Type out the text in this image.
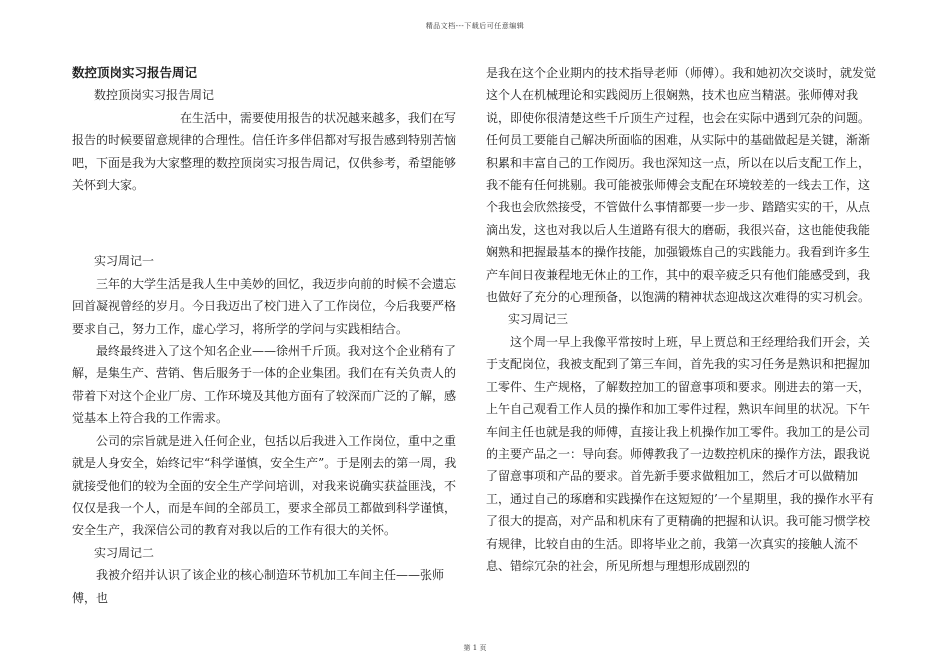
精品文档---下载后可任意编辑

数控顶岗实习报告周记

数控顶岗实习报告周记

在生活中，需要使用报告的状况越来越多，我们在写报告的时候要留意规律的合理性。信任许多伴侣都对写报告感到特别苦恼吧，下面是我为大家整理的数控顶岗实习报告周记，仅供参考，希望能够关怀到大家。

实习周记一

三年的大学生活是我人生中美妙的回忆，我迈步向前的时候不会遗忘回首凝视曾经的岁月。今日我迈出了校门进入了工作岗位，今后我要严格要求自己，努力工作，虚心学习，将所学的学问与实践相结合。

最终最终进入了这个知名企业——徐州千斤顶。我对这个企业稍有了解，是集生产、营销、售后服务于一体的企业集团。我们在有关负责人的带着下对这个企业厂房、工作环境及其他方面有了较深而广泛的了解，感觉基本上符合我的工作需求。

公司的宗旨就是进入任何企业，包括以后我进入工作岗位，重中之重就是人身安全，始终记牢“科学谨慎，安全生产”。于是刚去的第一周，我就接受他们的较为全面的安全生产学问培训，对我来说确实获益匪浅，不仅仅是我一个人，而是车间的全部员工，要求全部员工都做到科学谨慎，安全生产，我深信公司的教育对我以后的工作有很大的关怀。

实习周记二

我被介绍并认识了该企业的核心制造环节机加工车间主任——张师傅，也

是我在这个企业期内的技术指导老师（师傅）。我和她初次交谈时，就发觉这个人在机械理论和实践阅历上很娴熟，技术也应当精湛。张师傅对我说，即使你很清楚这些千斤顶生产过程，也会在实际中遇到冗杂的问题。任何员工要能自己解决所面临的困难，从实际中的基础做起是关键，渐渐积累和丰富自己的工作阅历。我也深知这一点，所以在以后支配工作上，我不能有任何挑剔。我可能被张师傅会支配在环境较差的一线去工作，这个我也会欣然接受，不管做什么事情都要一步一步、踏踏实实的干，从点滴出发，这也对我以后人生道路有很大的磨砺，我很兴奋，这也能使我能娴熟和把握最基本的操作技能，加强锻炼自己的实践能力。我看到许多生产车间日夜兼程地无休止的工作，其中的艰辛疲乏只有他们能感受到，我也做好了充分的心理预备，以饱满的精神状态迎战这次难得的实习机会。

实习周记三

这个周一早上我像平常按时上班，早上贾总和王经理给我们开会，关于支配岗位，我被支配到了第三车间，首先我的实习任务是熟识和把握加工零件、生产规格，了解数控加工的留意事项和要求。刚进去的第一天，上午自己观看工作人员的操作和加工零件过程，熟识车间里的状况。下午车间主任也就是我的师傅，直接让我上机操作加工零件。我加工的是公司的主要产品之一：导向套。师傅教我了一边数控机床的操作方法，跟我说了留意事项和产品的要求。首先新手要求做粗加工，然后才可以做精加工，通过自己的琢磨和实践操作在这短短的’一个星期里，我的操作水平有了很大的提高，对产品和机床有了更精确的把握和认识。我可能习惯学校有规律，比较自由的生活。即将毕业之前，我第一次真实的接触人流不息、错综冗杂的社会，所见所想与理想形成剧烈的

第 1 页
